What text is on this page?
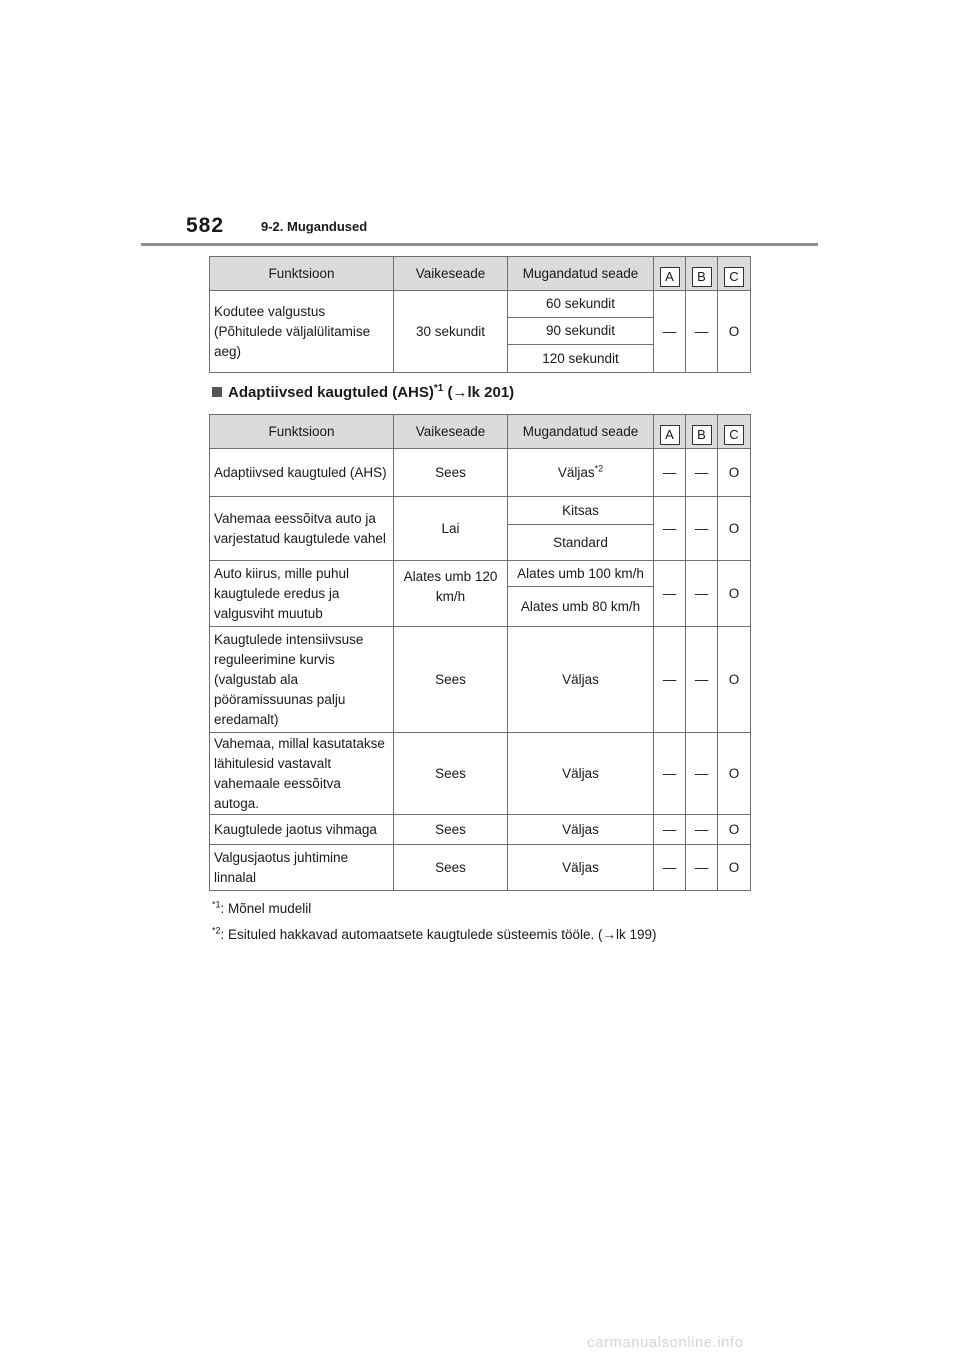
582	9-2. Mugandused
Funktsioon	Vaikeseade	Mugandatud seade	A	B	C
Kodutee valgustus (Põhitulede väljalülitamise aeg)	30 sekundit	60 sekundit	—	—	O
		90 sekundit			
		120 sekundit			
Adaptiivsed kaugtuled (AHS)$^{*1}$ (→lk 201)
Funktsioon	Vaikeseade	Mugandatud seade	A	B	C
Adaptiivsed kaugtuled (AHS)	Sees	Väljas$^{*2}$	—	—	O
Vahemaa eessõitva auto ja varjestatud kaugtulede vahel	Lai	Kitsas	—	—	O
		Standard			
Auto kiirus, mille puhul kaugtulede eredus ja valgusviht muutub	Alates umb 120 km/h	Alates umb 100 km/h	—	—	O
		Alates umb 80 km/h			
Kaugtulede intensiivsuse reguleerimine kurvis (valgustab ala pööramissuunas palju eredamalt)	Sees	Väljas	—	—	O
Vahemaa, millal kasutatakse lähitulesid vastavalt vahemaale eessõitva autoga.	Sees	Väljas	—	—	O
Kaugtulede jaotus vihmaga	Sees	Väljas	—	—	O
Valgusjaotus juhtimine linnalal	Sees	Väljas	—	—	O
$^{*1}$: Mõnel mudelil
$^{*2}$: Esituled hakkavad automaatsete kaugtulede süsteemis tööle. (→lk 199)
carmanualsonline.info
